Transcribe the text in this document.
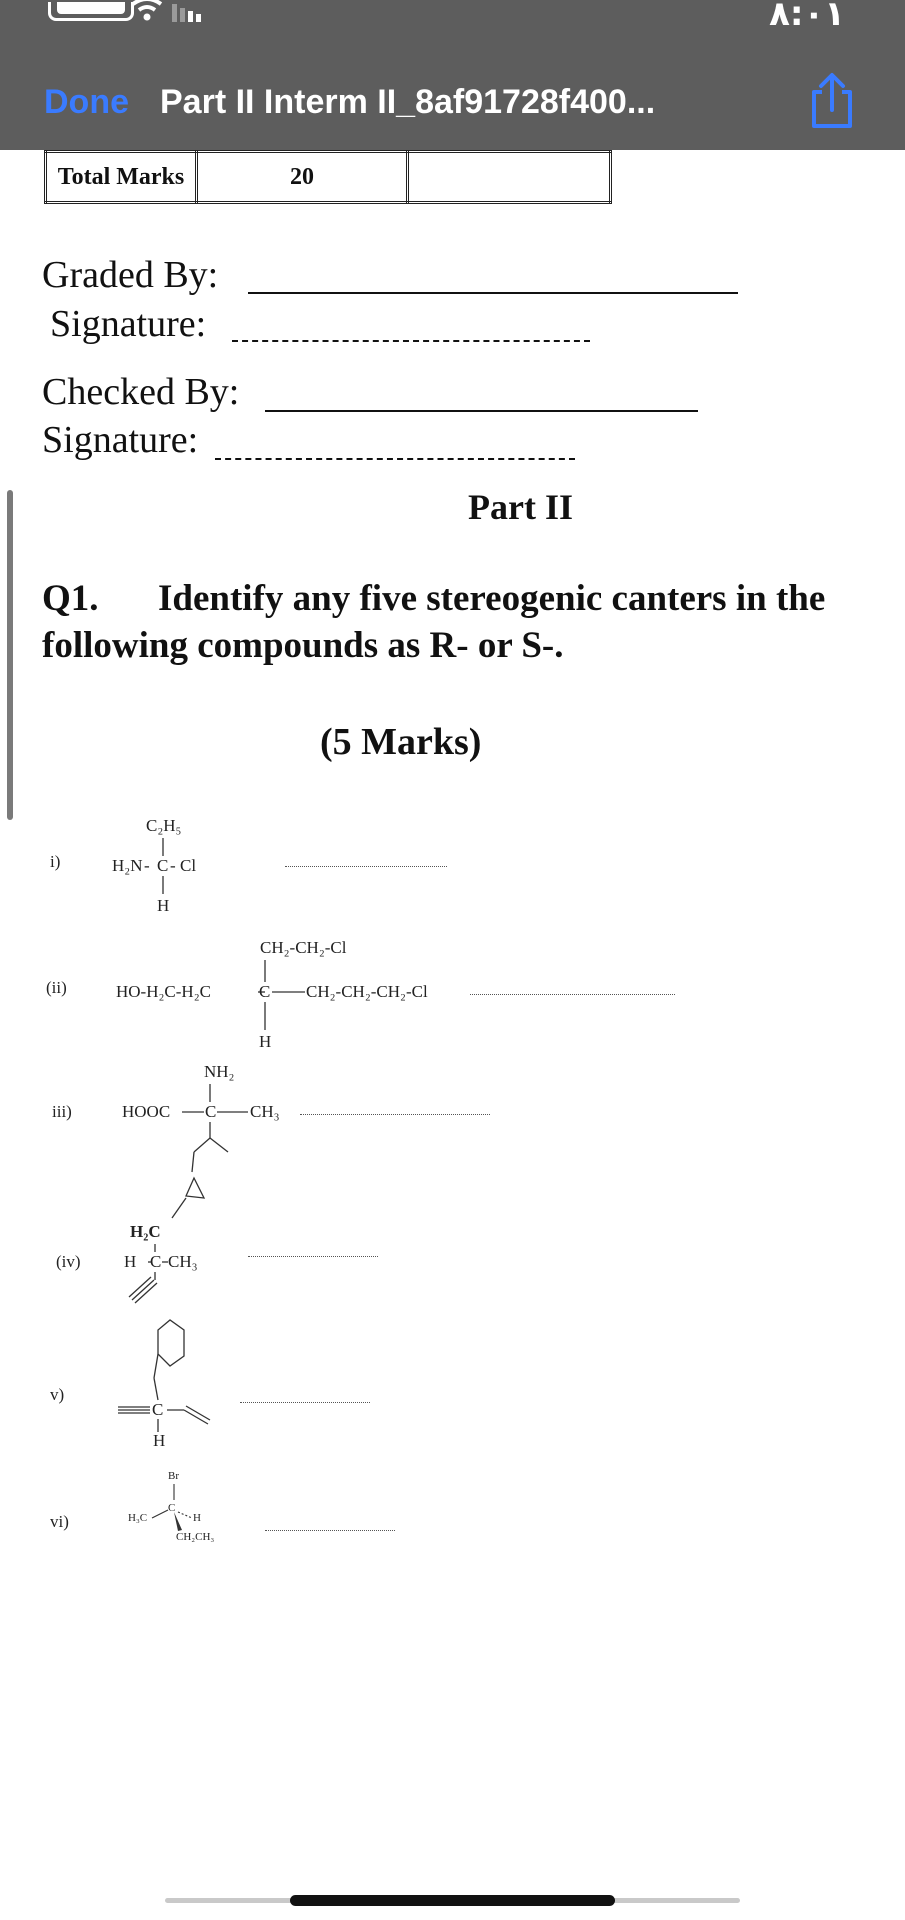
٨:٠١
Done Part II Interm II_8af91728f400...
Total Marks	20	
Graded By:
Signature:
Checked By:
Signature:
Part II
Q1. Identify any five stereogenic canters in the following compounds as R- or S-.
(5 Marks)
i)
(ii)
iii)
(iv)
v)
vi)
C₂H₅
H₂N - C - Cl
H
CH₂-CH₂-Cl
HO-H₂C-H₂C	C CH₂-CH₂-CH₂-Cl
H
NH₂
HOOC C CH₃
H₂C
H C CH₃
C
H
Br
H₃C
C
H
CH₂CH₃
